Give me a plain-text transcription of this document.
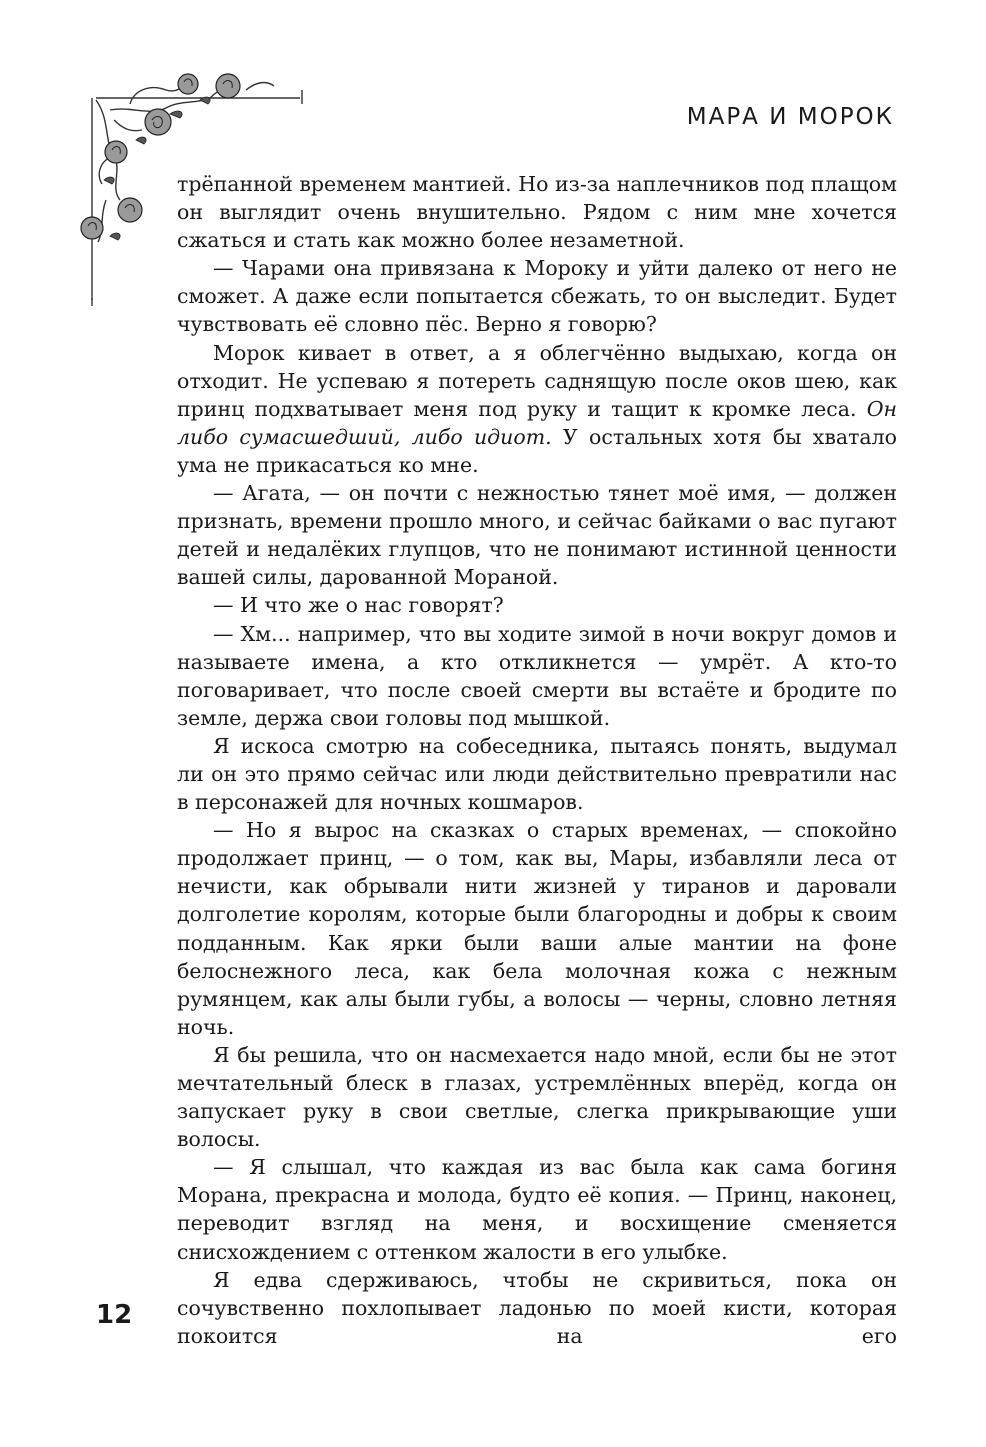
МАРА И МОРОК

трёпанной временем мантией. Но из-за наплечников под плащом он выглядит очень внушительно. Рядом с ним мне хочется сжаться и стать как можно более незаметной.

— Чарами она привязана к Мороку и уйти далеко от него не сможет. А даже если попытается сбежать, то он выследит. Будет чувствовать её словно пёс. Верно я говорю?

Морок кивает в ответ, а я облегчённо выдыхаю, когда он отходит. Не успеваю я потереть саднящую после оков шею, как принц подхватывает меня под руку и тащит к кромке леса. Он либо сумасшедший, либо идиот. У остальных хотя бы хватало ума не прикасаться ко мне.

— Агата, — он почти с нежностью тянет моё имя, — должен признать, времени прошло много, и сейчас байками о вас пугают детей и недалёких глупцов, что не понимают истинной ценности вашей силы, дарованной Мораной.

— И что же о нас говорят?

— Хм... например, что вы ходите зимой в ночи вокруг домов и называете имена, а кто откликнется — умрёт. А кто-то поговаривает, что после своей смерти вы встаёте и бродите по земле, держа свои головы под мышкой.

Я искоса смотрю на собеседника, пытаясь понять, выдумал ли он это прямо сейчас или люди действительно превратили нас в персонажей для ночных кошмаров.

— Но я вырос на сказках о старых временах, — спокойно продолжает принц, — о том, как вы, Мары, избавляли леса от нечисти, как обрывали нити жизней у тиранов и даровали долголетие королям, которые были благородны и добры к своим подданным. Как ярки были ваши алые мантии на фоне белоснежного леса, как бела молочная кожа с нежным румянцем, как алы были губы, а волосы — черны, словно летняя ночь.

Я бы решила, что он насмехается надо мной, если бы не этот мечтательный блеск в глазах, устремлённых вперёд, когда он запускает руку в свои светлые, слегка прикрывающие уши волосы.

— Я слышал, что каждая из вас была как сама богиня Морана, прекрасна и молода, будто её копия. — Принц, наконец, переводит взгляд на меня, и восхищение сменяется снисхождением с оттенком жалости в его улыбке.

Я едва сдерживаюсь, чтобы не скривиться, пока он сочувственно похлопывает ладонью по моей кисти, которая покоится на его

12
